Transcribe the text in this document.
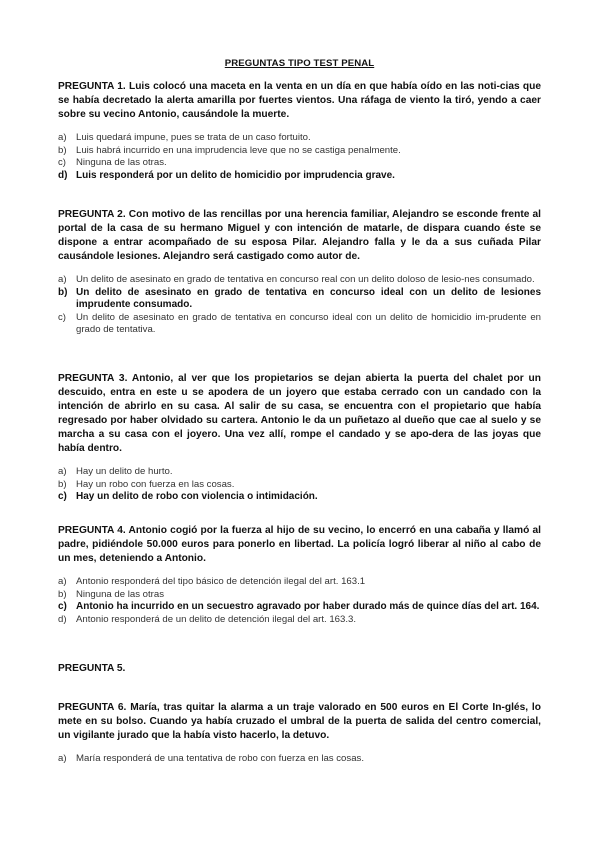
PREGUNTAS TIPO TEST PENAL

PREGUNTA 1. Luis colocó una maceta en la venta en un día en que había oído en las noti-cias que se había decretado la alerta amarilla por fuertes vientos. Una ráfaga de viento la tiró, yendo a caer sobre su vecino Antonio, causándole la muerte.

a) Luis quedará impune, pues se trata de un caso fortuito.
b) Luis habrá incurrido en una imprudencia leve que no se castiga penalmente.
c)	Ninguna de las otras.
d) Luis responderá por un delito de homicidio por imprudencia grave.

PREGUNTA 2. Con motivo de las rencillas por una herencia familiar, Alejandro se esconde frente al portal de la casa de su hermano Miguel y con intención de matarle, de dispara cuando éste se dispone a entrar acompañado de su esposa Pilar. Alejandro falla y le da a sus cuñada Pilar causándole lesiones. Alejandro será castigado como autor de.

a) Un delito de asesinato en grado de tentativa en concurso real con un delito doloso de lesio-nes consumado.
b) Un delito de asesinato en grado de tentativa en concurso ideal con un delito de lesiones imprudente consumado.
c)	Un delito de asesinato en grado de tentativa en concurso ideal con un delito de homicidio im-prudente en grado de tentativa.

PREGUNTA 3. Antonio, al ver que los propietarios se dejan abierta la puerta del chalet por un descuido, entra en este u se apodera de un joyero que estaba cerrado con un candado con la intención de abrirlo en su casa. Al salir de su casa, se encuentra con el propietario que había regresado por haber olvidado su cartera. Antonio le da un puñetazo al dueño que cae al suelo y se marcha a su casa con el joyero. Una vez allí, rompe el candado y se apo-dera de las joyas que había dentro.

a) Hay un delito de hurto.
b) Hay un robo con fuerza en las cosas.
c) Hay un delito de robo con violencia o intimidación.

PREGUNTA 4. Antonio cogió por la fuerza al hijo de su vecino, lo encerró en una cabaña y llamó al padre, pidiéndole 50.000 euros para ponerlo en libertad. La policía logró liberar al niño al cabo de un mes, deteniendo a Antonio.

a) Antonio responderá del tipo básico de detención ilegal del art. 163.1
b) Ninguna de las otras
c) Antonio ha incurrido en un secuestro agravado por haber durado más de quince días del art. 164.
d) Antonio responderá de un delito de detención ilegal del art. 163.3.

PREGUNTA 5.

PREGUNTA 6. María, tras quitar la alarma a un traje valorado en 500 euros en El Corte In-glés, lo mete en su bolso. Cuando ya había cruzado el umbral de la puerta de salida del centro comercial, un vigilante jurado que la había visto hacerlo, la detuvo.

a) María responderá de una tentativa de robo con fuerza en las cosas.
